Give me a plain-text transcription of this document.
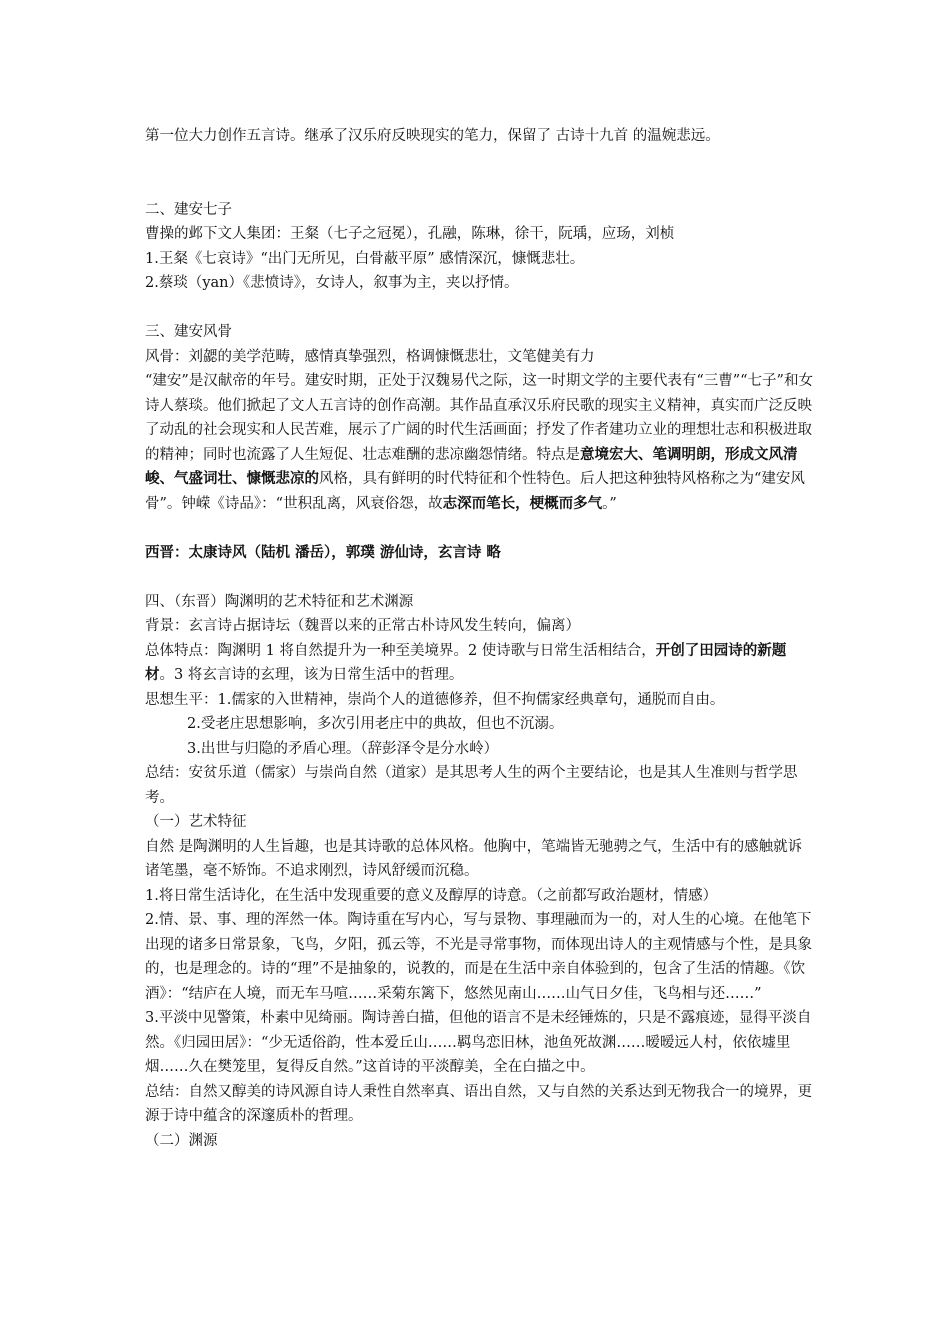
第一位大力创作五言诗。继承了汉乐府反映现实的笔力，保留了 古诗十九首 的温婉悲远。

二、建安七子

曹操的邺下文人集团：王粲（七子之冠冕），孔融，陈琳，徐干，阮瑀，应玚，刘桢

1.王粲《七哀诗》“出门无所见，白骨蔽平原” 感情深沉，慷慨悲壮。

2.蔡琰（yan）《悲愤诗》，女诗人，叙事为主，夹以抒情。

三、建安风骨

风骨：刘勰的美学范畴，感情真挚强烈，格调慷慨悲壮，文笔健美有力

“建安”是汉献帝的年号。建安时期，正处于汉魏易代之际，这一时期文学的主要代表有“三曹”“七子”和女诗人蔡琰。他们掀起了文人五言诗的创作高潮。其作品直承汉乐府民歌的现实主义精神，真实而广泛反映了动乱的社会现实和人民苦难，展示了广阔的时代生活画面；抒发了作者建功立业的理想壮志和积极进取的精神；同时也流露了人生短促、壮志难酬的悲凉幽怨情绪。特点是意境宏大、笔调明朗，形成文风清峻、气盛词壮、慷慨悲凉的风格，具有鲜明的时代特征和个性特色。后人把这种独特风格称之为“建安风骨”。钟嵘《诗品》：“世积乱离，风衰俗怨，故志深而笔长，梗概而多气。”

西晋：太康诗风（陆机 潘岳），郭璞 游仙诗，玄言诗 略

四、（东晋）陶渊明的艺术特征和艺术渊源

背景：玄言诗占据诗坛（魏晋以来的正常古朴诗风发生转向，偏离）

总体特点：陶渊明 1 将自然提升为一种至美境界。2 使诗歌与日常生活相结合，开创了田园诗的新题材。3 将玄言诗的玄理，该为日常生活中的哲理。

思想生平：1.儒家的入世精神，崇尚个人的道德修养，但不拘儒家经典章句，通脱而自由。

2.受老庄思想影响，多次引用老庄中的典故，但也不沉溺。

3.出世与归隐的矛盾心理。（辞彭泽令是分水岭）

总结：安贫乐道（儒家）与崇尚自然（道家）是其思考人生的两个主要结论，也是其人生准则与哲学思考。

（一）艺术特征

自然 是陶渊明的人生旨趣，也是其诗歌的总体风格。他胸中，笔端皆无驰骋之气，生活中有的感触就诉诸笔墨，毫不矫饰。不追求刚烈，诗风舒缓而沉稳。

1.将日常生活诗化，在生活中发现重要的意义及醇厚的诗意。（之前都写政治题材，情感）

2.情、景、事、理的浑然一体。陶诗重在写内心，写与景物、事理融而为一的，对人生的心境。在他笔下出现的诸多日常景象，飞鸟，夕阳，孤云等，不光是寻常事物，而体现出诗人的主观情感与个性，是具象的，也是理念的。诗的“理”不是抽象的，说教的，而是在生活中亲自体验到的，包含了生活的情趣。《饮酒》：“结庐在人境，而无车马喧……采菊东篱下，悠然见南山……山气日夕佳，飞鸟相与还……”

3.平淡中见警策，朴素中见绮丽。陶诗善白描，但他的语言不是未经锤炼的，只是不露痕迹，显得平淡自然。《归园田居》：“少无适俗韵，性本爱丘山……羁鸟恋旧林，池鱼死故渊……暧暧远人村，依依墟里烟……久在樊笼里，复得反自然。”这首诗的平淡醇美，全在白描之中。

总结：自然又醇美的诗风源自诗人秉性自然率真、语出自然，又与自然的关系达到无物我合一的境界，更源于诗中蕴含的深邃质朴的哲理。

（二）渊源
